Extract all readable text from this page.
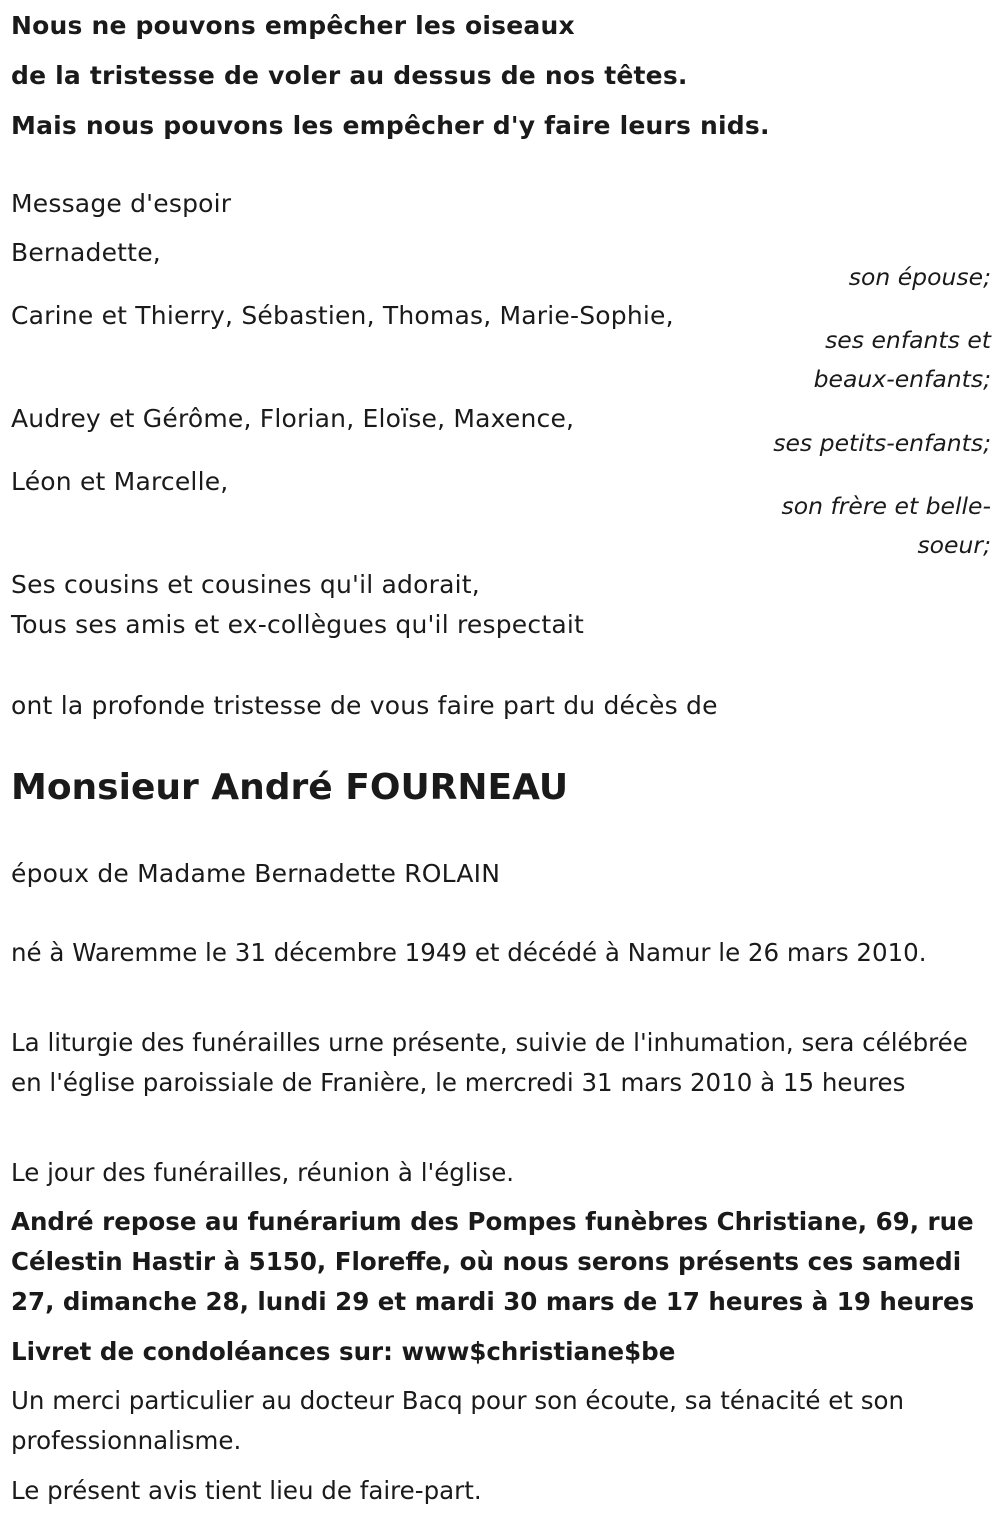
Nous ne pouvons empêcher les oiseaux
de la tristesse de voler au dessus de nos têtes.
Mais nous pouvons les empêcher d'y faire leurs nids.

Message d'espoir

Bernadette,

son épouse;

Carine et Thierry, Sébastien, Thomas, Marie-Sophie,

ses enfants et
beaux-enfants;

Audrey et Gérôme, Florian, Eloïse, Maxence,

ses petits-enfants;

Léon et Marcelle,

son frère et belle-
soeur;

Ses cousins et cousines qu'il adorait,

Tous ses amis et ex-collègues qu'il respectait

ont la profonde tristesse de vous faire part du décès de

Monsieur André FOURNEAU

époux de Madame Bernadette ROLAIN

né à Waremme le 31 décembre 1949 et décédé à Namur le 26 mars 2010.

La liturgie des funérailles urne présente, suivie de l'inhumation, sera célébrée en l'église paroissiale de Franière, le mercredi 31 mars 2010 à 15 heures

Le jour des funérailles, réunion à l'église.

André repose au funérarium des Pompes funèbres Christiane, 69, rue Célestin Hastir à 5150, Floreffe, où nous serons présents ces samedi 27, dimanche 28, lundi 29 et mardi 30 mars de 17 heures à 19 heures

Livret de condoléances sur: www$christiane$be

Un merci particulier au docteur Bacq pour son écoute, sa ténacité et son professionnalisme.

Le présent avis tient lieu de faire-part.
